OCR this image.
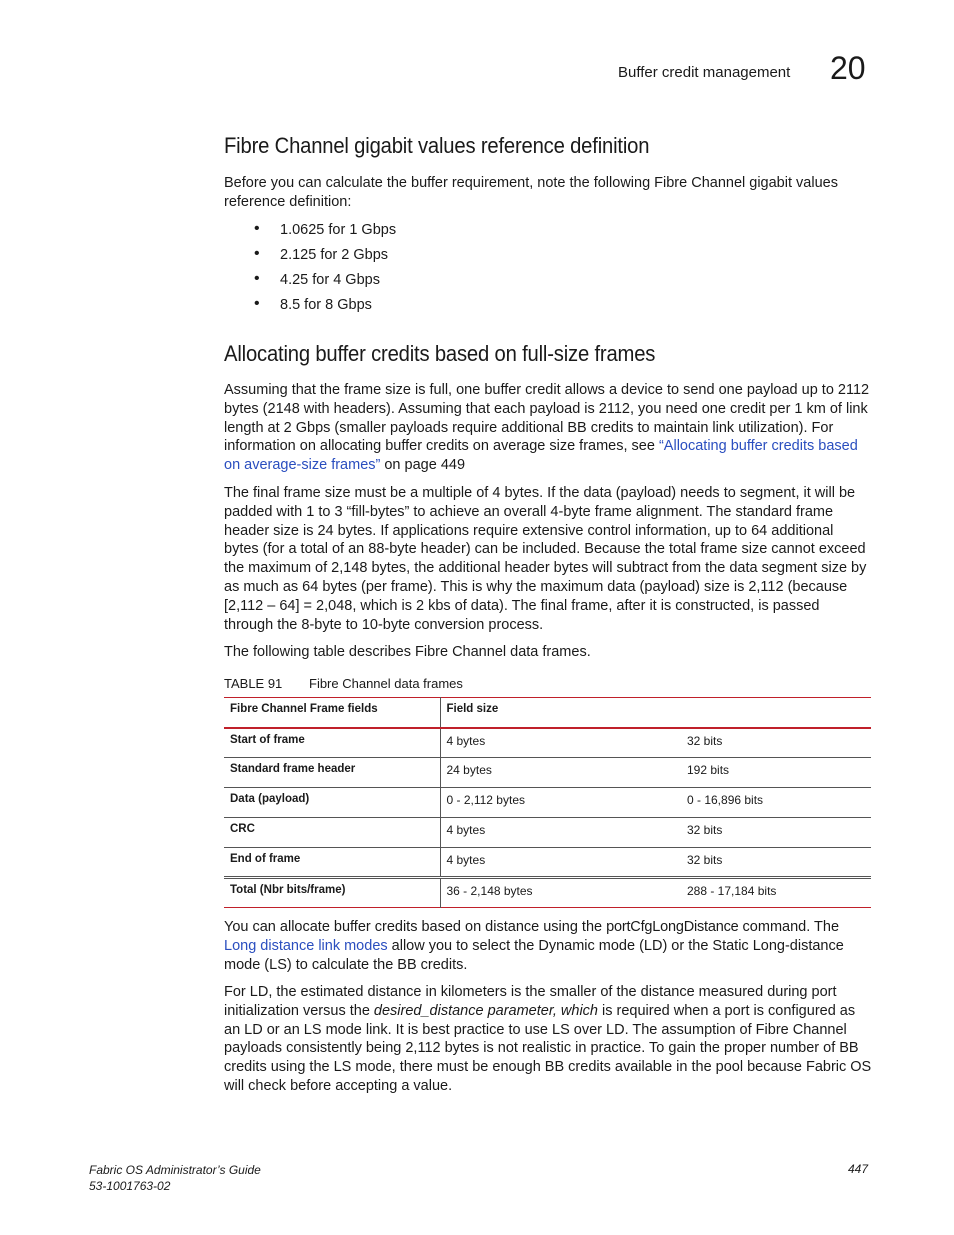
Buffer credit management 20
Fibre Channel gigabit values reference definition

Before you can calculate the buffer requirement, note the following Fibre Channel gigabit values reference definition:

• 1.0625 for 1 Gbps
• 2.125 for 2 Gbps
• 4.25 for 4 Gbps
• 8.5 for 8 Gbps
Allocating buffer credits based on full-size frames

Assuming that the frame size is full, one buffer credit allows a device to send one payload up to 2112 bytes (2148 with headers). Assuming that each payload is 2112, you need one credit per 1 km of link length at 2 Gbps (smaller payloads require additional BB credits to maintain link utilization). For information on allocating buffer credits on average size frames, see “Allocating buffer credits based on average-size frames” on page 449

The final frame size must be a multiple of 4 bytes. If the data (payload) needs to segment, it will be padded with 1 to 3 “fill-bytes” to achieve an overall 4-byte frame alignment. The standard frame header size is 24 bytes. If applications require extensive control information, up to 64 additional bytes (for a total of an 88-byte header) can be included. Because the total frame size cannot exceed the maximum of 2,148 bytes, the additional header bytes will subtract from the data segment size by as much as 64 bytes (per frame). This is why the maximum data (payload) size is 2,112 (because [2,112 – 64] = 2,048, which is 2 kbs of data). The final frame, after it is constructed, is passed through the 8-byte to 10-byte conversion process.

The following table describes Fibre Channel data frames.

TABLE 91	Fibre Channel data frames
Fibre Channel Frame fields	Field size	
Start of frame	4 bytes	32 bits
Standard frame header	24 bytes	192 bits
Data (payload)	0 - 2,112 bytes	0 - 16,896 bits
CRC	4 bytes	32 bits
End of frame	4 bytes	32 bits
Total (Nbr bits/frame)	36 - 2,148 bytes	288 - 17,184 bits

You can allocate buffer credits based on distance using the portCfgLongDistance command. The Long distance link modes allow you to select the Dynamic mode (LD) or the Static Long-distance mode (LS) to calculate the BB credits.

For LD, the estimated distance in kilometers is the smaller of the distance measured during port initialization versus the desired_distance parameter, which is required when a port is configured as an LD or an LS mode link. It is best practice to use LS over LD. The assumption of Fibre Channel payloads consistently being 2,112 bytes is not realistic in practice. To gain the proper number of BB credits using the LS mode, there must be enough BB credits available in the pool because Fabric OS will check before accepting a value.

Fabric OS Administrator’s Guide
53-1001763-02
447
